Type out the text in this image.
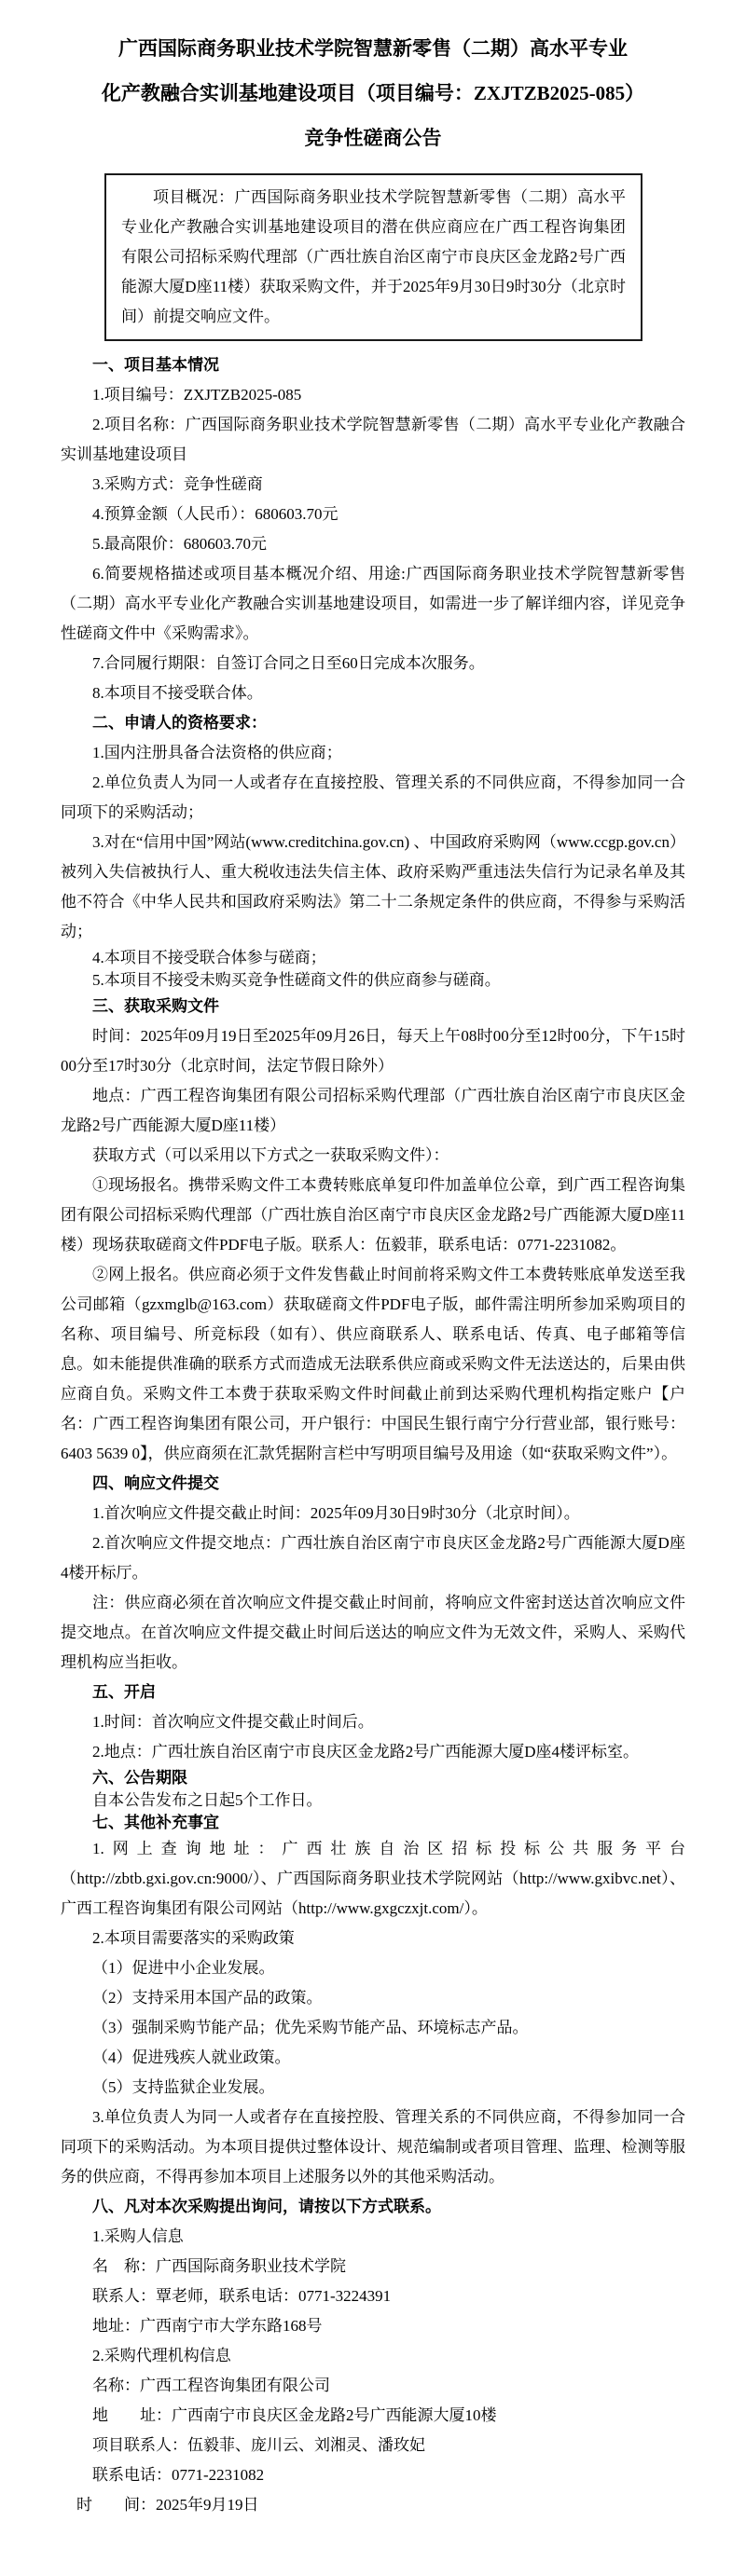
广西国际商务职业技术学院智慧新零售（二期）高水平专业
化产教融合实训基地建设项目（项目编号：ZXJTZB2025-085）
竞争性磋商公告
项目概况：广西国际商务职业技术学院智慧新零售（二期）高水平专业化产教融合实训基地建设项目的潜在供应商应在广西工程咨询集团有限公司招标采购代理部（广西壮族自治区南宁市良庆区金龙路2号广西能源大厦D座11楼）获取采购文件，并于2025年9月30日9时30分（北京时间）前提交响应文件。
一、项目基本情况
1.项目编号：ZXJTZB2025-085
2.项目名称：广西国际商务职业技术学院智慧新零售（二期）高水平专业化产教融合实训基地建设项目
3.采购方式：竞争性磋商
4.预算金额（人民币）：680603.70元
5.最高限价：680603.70元
6.简要规格描述或项目基本概况介绍、用途:广西国际商务职业技术学院智慧新零售（二期）高水平专业化产教融合实训基地建设项目，如需进一步了解详细内容，详见竞争性磋商文件中《采购需求》。
7.合同履行期限：自签订合同之日至60日完成本次服务。
8.本项目不接受联合体。
二、申请人的资格要求：
1.国内注册具备合法资格的供应商；
2.单位负责人为同一人或者存在直接控股、管理关系的不同供应商，不得参加同一合同项下的采购活动；
3.对在“信用中国”网站(www.creditchina.gov.cn) 、中国政府采购网（www.ccgp.gov.cn）被列入失信被执行人、重大税收违法失信主体、政府采购严重违法失信行为记录名单及其他不符合《中华人民共和国政府采购法》第二十二条规定条件的供应商，不得参与采购活动；
4.本项目不接受联合体参与磋商；
5.本项目不接受未购买竞争性磋商文件的供应商参与磋商。
三、获取采购文件
时间：2025年09月19日至2025年09月26日，每天上午08时00分至12时00分，下午15时00分至17时30分（北京时间，法定节假日除外）
地点：广西工程咨询集团有限公司招标采购代理部（广西壮族自治区南宁市良庆区金龙路2号广西能源大厦D座11楼）
获取方式（可以采用以下方式之一获取采购文件）：
①现场报名。携带采购文件工本费转账底单复印件加盖单位公章，到广西工程咨询集团有限公司招标采购代理部（广西壮族自治区南宁市良庆区金龙路2号广西能源大厦D座11楼）现场获取磋商文件PDF电子版。联系人：伍毅菲，联系电话：0771-2231082。
②网上报名。供应商必须于文件发售截止时间前将采购文件工本费转账底单发送至我公司邮箱（gzxmglb@163.com）获取磋商文件PDF电子版，邮件需注明所参加采购项目的名称、项目编号、所竞标段（如有）、供应商联系人、联系电话、传真、电子邮箱等信息。如未能提供准确的联系方式而造成无法联系供应商或采购文件无法送达的，后果由供应商自负。采购文件工本费于获取采购文件时间截止前到达采购代理机构指定账户【户名：广西工程咨询集团有限公司，开户银行：中国民生银行南宁分行营业部，银行账号：6403 5639 0】，供应商须在汇款凭据附言栏中写明项目编号及用途（如“获取采购文件”）。
四、响应文件提交
1.首次响应文件提交截止时间：2025年09月30日9时30分（北京时间）。
2.首次响应文件提交地点：广西壮族自治区南宁市良庆区金龙路2号广西能源大厦D座4楼开标厅。
注：供应商必须在首次响应文件提交截止时间前，将响应文件密封送达首次响应文件提交地点。在首次响应文件提交截止时间后送达的响应文件为无效文件，采购人、采购代理机构应当拒收。
五、开启
1.时间：首次响应文件提交截止时间后。
2.地点：广西壮族自治区南宁市良庆区金龙路2号广西能源大厦D座4楼评标室。
六、公告期限
自本公告发布之日起5个工作日。
七、其他补充事宜
1.网上查询地址：广西壮族自治区招标投标公共服务平台（http://zbtb.gxi.gov.cn:9000/）、广西国际商务职业技术学院网站（http://www.gxibvc.net）、广西工程咨询集团有限公司网站（http://www.gxgczxjt.com/）。
2.本项目需要落实的采购政策
（1）促进中小企业发展。
（2）支持采用本国产品的政策。
（3）强制采购节能产品；优先采购节能产品、环境标志产品。
（4）促进残疾人就业政策。
（5）支持监狱企业发展。
3.单位负责人为同一人或者存在直接控股、管理关系的不同供应商，不得参加同一合同项下的采购活动。为本项目提供过整体设计、规范编制或者项目管理、监理、检测等服务的供应商，不得再参加本项目上述服务以外的其他采购活动。
八、凡对本次采购提出询问，请按以下方式联系。
1.采购人信息
名　称：广西国际商务职业技术学院
联系人：覃老师，联系电话：0771-3224391
地址：广西南宁市大学东路168号
2.采购代理机构信息
名称：广西工程咨询集团有限公司
地　　址：广西南宁市良庆区金龙路2号广西能源大厦10楼
项目联系人：伍毅菲、庞川云、刘湘灵、潘玫妃
联系电话：0771-2231082
时　　间：2025年9月19日
